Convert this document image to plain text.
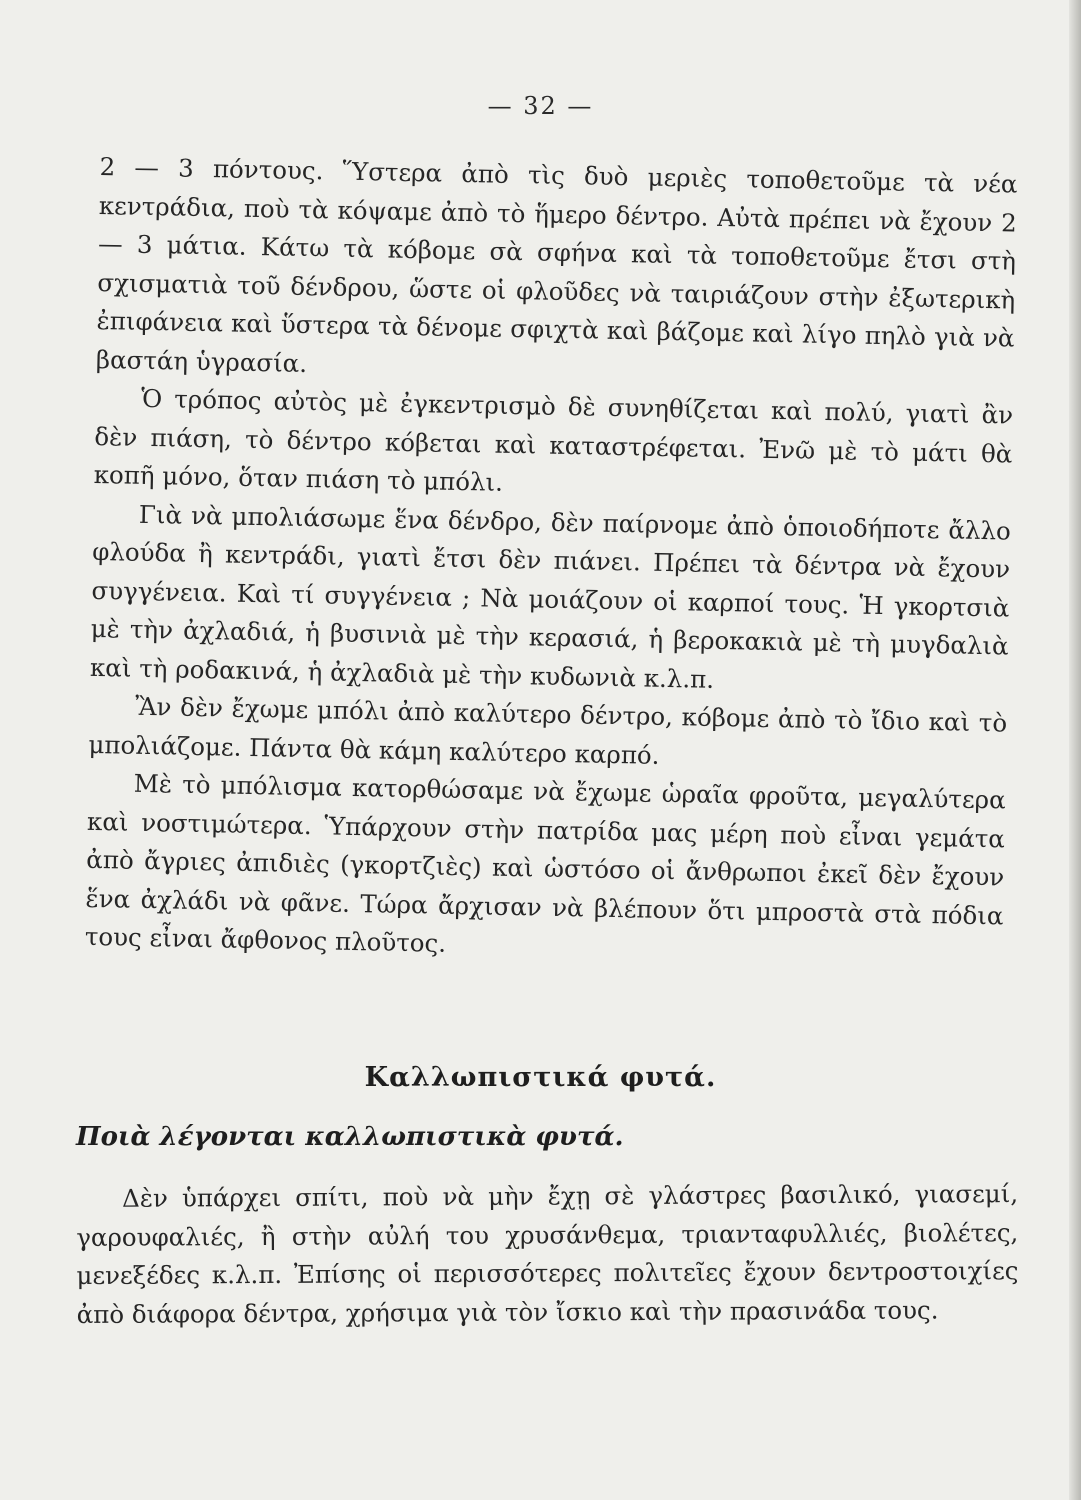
— 32 —

2 — 3 πόντους. Ὕστερα ἀπὸ τὶς δυὸ μεριὲς τοποθετοῦμε τὰ νέα κεντράδια, ποὺ τὰ κόψαμε ἀπὸ τὸ ἥμερο δέντρο. Αὐτὰ πρέπει νὰ ἔχουν 2 — 3 μάτια. Κάτω τὰ κόβομε σὰ σφήνα καὶ τὰ τοποθετοῦμε ἔτσι στὴ σχισματιὰ τοῦ δένδρου, ὥστε οἱ φλοῦδες νὰ ταιριάζουν στὴν ἐξωτερικὴ ἐπιφάνεια καὶ ὕστερα τὰ δένομε σφιχτὰ καὶ βάζομε καὶ λίγο πηλὸ γιὰ νὰ βαστάη ὑγρασία.

Ὁ τρόπος αὐτὸς μὲ ἐγκεντρισμὸ δὲ συνηθίζεται καὶ πολύ, γιατὶ ἂν δὲν πιάση, τὸ δέντρο κόβεται καὶ καταστρέφεται. Ἐνῶ μὲ τὸ μάτι θὰ κοπῆ μόνο, ὅταν πιάση τὸ μπόλι.

Γιὰ νὰ μπολιάσωμε ἕνα δένδρο, δὲν παίρνομε ἀπὸ ὁποιοδήποτε ἄλλο φλούδα ἢ κεντράδι, γιατὶ ἔτσι δὲν πιάνει. Πρέπει τὰ δέντρα νὰ ἔχουν συγγένεια. Καὶ τί συγγένεια ; Νὰ μοιάζουν οἱ καρποί τους. Ἡ γκορτσιὰ μὲ τὴν ἀχλαδιά, ἡ βυσινιὰ μὲ τὴν κερασιά, ἡ βεροκακιὰ μὲ τὴ μυγδαλιὰ καὶ τὴ ροδακινά, ἡ ἀχλαδιὰ μὲ τὴν κυδωνιὰ κ.λ.π.

Ἂν δὲν ἔχωμε μπόλι ἀπὸ καλύτερο δέντρο, κόβομε ἀπὸ τὸ ἴδιο καὶ τὸ μπολιάζομε. Πάντα θὰ κάμη καλύτερο καρπό.

Μὲ τὸ μπόλισμα κατορθώσαμε νὰ ἔχωμε ὡραῖα φροῦτα, μεγαλύτερα καὶ νοστιμώτερα. Ὑπάρχουν στὴν πατρίδα μας μέρη ποὺ εἶναι γεμάτα ἀπὸ ἄγριες ἀπιδιὲς (γκορτζιὲς) καὶ ὡστόσο οἱ ἄνθρωποι ἐκεῖ δὲν ἔχουν ἕνα ἀχλάδι νὰ φᾶνε. Τώρα ἄρχισαν νὰ βλέπουν ὅτι μπροστὰ στὰ πόδια τους εἶναι ἄφθονος πλοῦτος.

Καλλωπιστικά φυτά.
Ποιὰ λέγονται καλλωπιστικὰ φυτά.

Δὲν ὑπάρχει σπίτι, ποὺ νὰ μὴν ἔχῃ σὲ γλάστρες βασιλικό, γιασεμί, γαρουφαλιές, ἢ στὴν αὐλή του χρυσάνθεμα, τριανταφυλλιές, βιολέτες, μενεξέδες κ.λ.π. Ἐπίσης οἱ περισσότερες πολιτεῖες ἔχουν δεντροστοιχίες ἀπὸ διάφορα δέντρα, χρήσιμα γιὰ τὸν ἴσκιο καὶ τὴν πρασινάδα τους.
